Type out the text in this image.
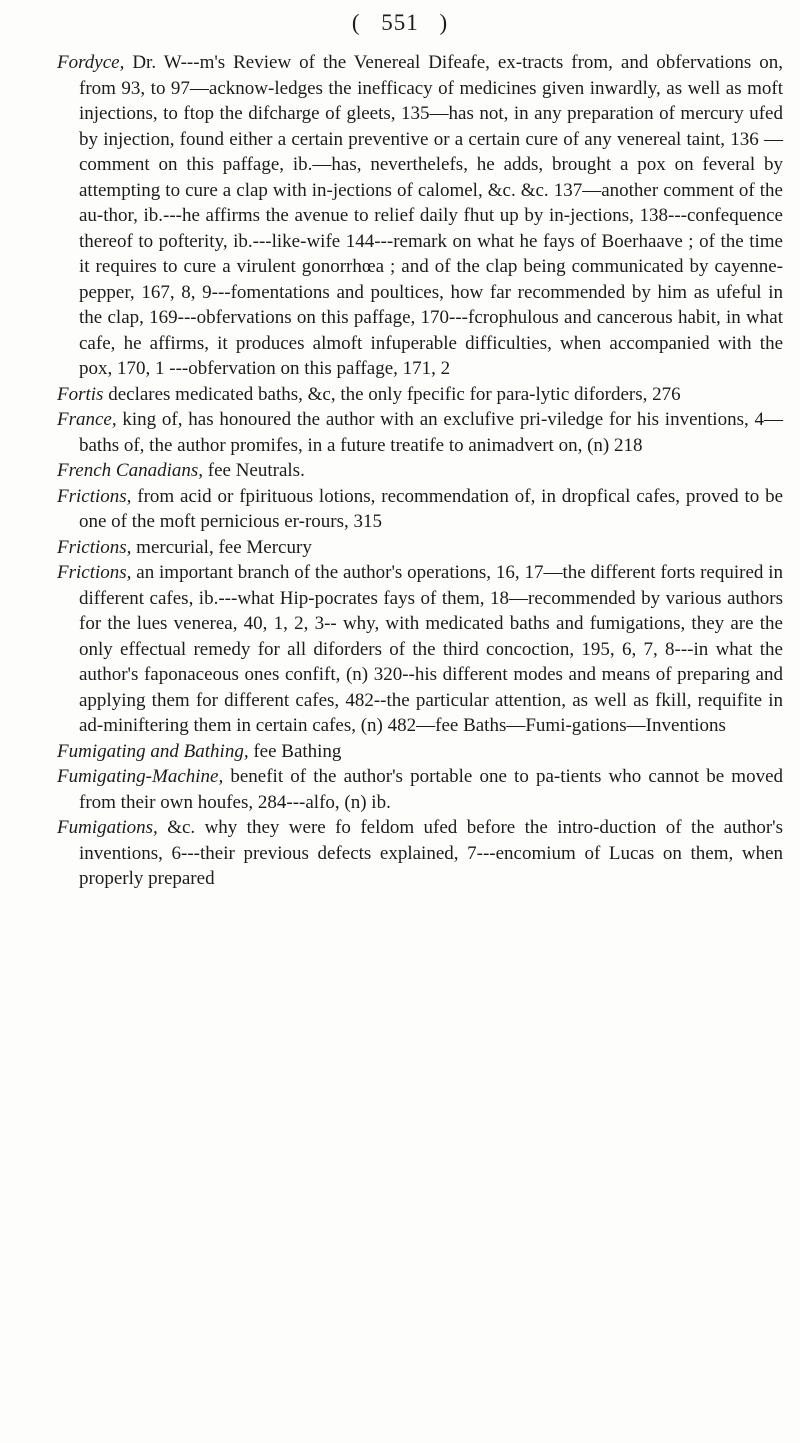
( 551 )

Fordyce, Dr. W---m's Review of the Venereal Difeafe, ex-tracts from, and obfervations on, from 93, to 97—acknow-ledges the inefficacy of medicines given inwardly, as well as moft injections, to ftop the difcharge of gleets, 135—has not, in any preparation of mercury ufed by injection, found either a certain preventive or a certain cure of any venereal taint, 136 — comment on this paffage, ib.—has, neverthelefs, he adds, brought a pox on feveral by attempting to cure a clap with in-jections of calomel, &c. &c. 137—another comment of the au-thor, ib.---he affirms the avenue to relief daily fhut up by in-jections, 138---confequence thereof to pofterity, ib.---like-wife 144---remark on what he fays of Boerhaave ; of the time it requires to cure a virulent gonorrhœa ; and of the clap being communicated by cayenne-pepper, 167, 8, 9---fomentations and poultices, how far recommended by him as ufeful in the clap, 169---obfervations on this paffage, 170---fcrophulous and cancerous habit, in what cafe, he affirms, it produces almoft infuperable difficulties, when accompanied with the pox, 170, 1 ---obfervation on this paffage, 171, 2

Fortis declares medicated baths, &c, the only fpecific for para-lytic diforders, 276

France, king of, has honoured the author with an exclufive pri-viledge for his inventions, 4—baths of, the author promifes, in a future treatife to animadvert on, (n) 218

French Canadians, fee Neutrals.

Frictions, from acid or fpirituous lotions, recommendation of, in dropfical cafes, proved to be one of the moft pernicious er-rours, 315

Frictions, mercurial, fee Mercury

Frictions, an important branch of the author's operations, 16, 17—the different forts required in different cafes, ib.---what Hip-pocrates fays of them, 18—recommended by various authors for the lues venerea, 40, 1, 2, 3-- why, with medicated baths and fumigations, they are the only effectual remedy for all diforders of the third concoction, 195, 6, 7, 8---in what the author's faponaceous ones confift, (n) 320--his different modes and means of preparing and applying them for different cafes, 482--the particular attention, as well as fkill, requifite in ad-miniftering them in certain cafes, (n) 482—fee Baths—Fumi-gations—Inventions

Fumigating and Bathing, fee Bathing

Fumigating-Machine, benefit of the author's portable one to pa-tients who cannot be moved from their own houfes, 284---alfo, (n) ib.

Fumigations, &c. why they were fo feldom ufed before the intro-duction of the author's inventions, 6---their previous defects explained, 7---encomium of Lucas on them, when properly prepared
